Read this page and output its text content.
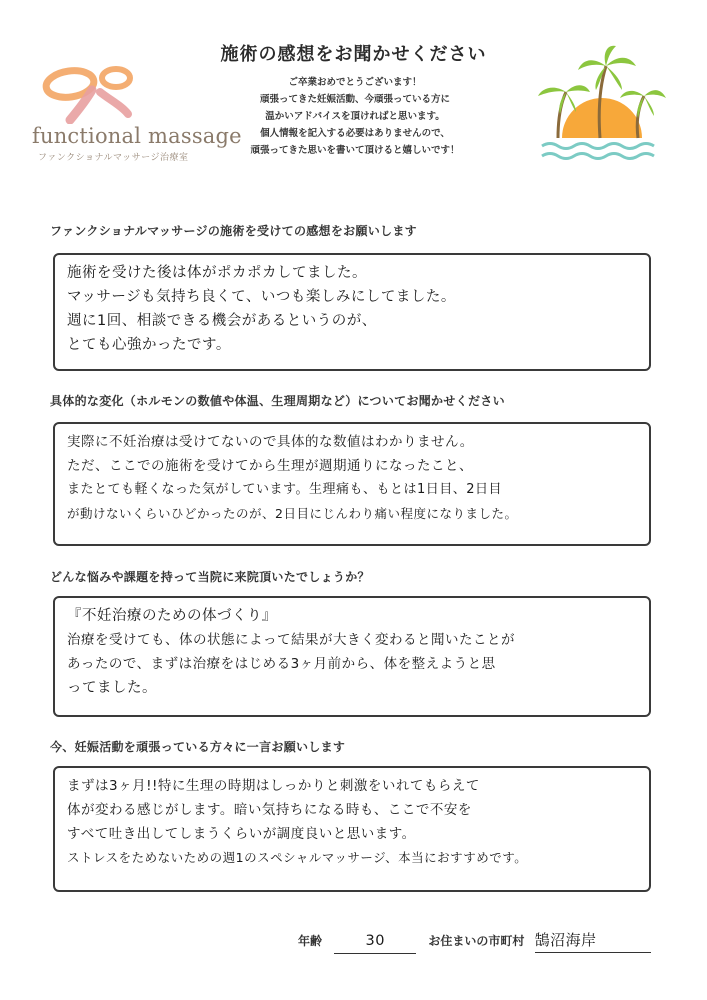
functional massage
ファンクショナルマッサージ治療室
施術の感想をお聞かせください
ご卒業おめでとうございます！
頑張ってきた妊娠活動、今頑張っている方に
温かいアドバイスを頂ければと思います。
個人情報を記入する必要はありませんので、
頑張ってきた思いを書いて頂けると嬉しいです！
ファンクショナルマッサージの施術を受けての感想をお願いします
施術を受けた後は体がポカポカしてました。
マッサージも気持ち良くて、いつも楽しみにしてました。
週に1回、相談できる機会があるというのが、
とても心強かったです。
具体的な変化（ホルモンの数値や体温、生理周期など）についてお聞かせください
実際に不妊治療は受けてないので具体的な数値はわかりません。
ただ、ここでの施術を受けてから生理が週期通りになったこと、
またとても軽くなった気がしています。生理痛も、もとは1日目、2日目
が動けないくらいひどかったのが、2日目にじんわり痛い程度になりました。
どんな悩みや課題を持って当院に来院頂いたでしょうか？
『不妊治療のための体づくり』
治療を受けても、体の状態によって結果が大きく変わると聞いたことが
あったので、まずは治療をはじめる3ヶ月前から、体を整えようと思
ってました。
今、妊娠活動を頑張っている方々に一言お願いします
まずは3ヶ月!!特に生理の時期はしっかりと刺激をいれてもらえて
体が変わる感じがします。暗い気持ちになる時も、ここで不安を
すべて吐き出してしまうくらいが調度良いと思います。
ストレスをためないための週1のスペシャルマッサージ、本当におすすめです。
年齢	30	お住まいの市町村 鵠沼海岸
